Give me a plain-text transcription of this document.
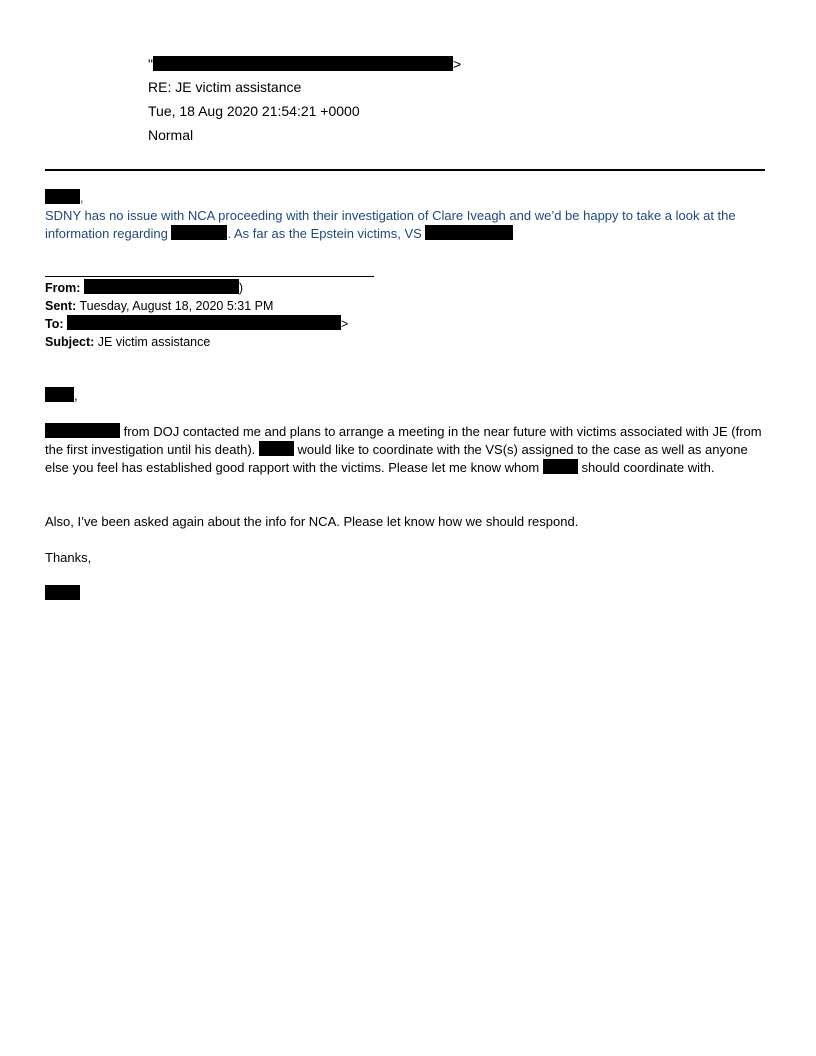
"	>
RE: JE victim assistance
Tue, 18 Aug 2020 21:54:21 +0000
Normal
,
SDNY has no issue with NCA proceeding with their investigation of Clare Iveagh and we’d be happy to take a look at the information regarding	. As far as the Epstein victims, VS
From:	)
Sent: Tuesday, August 18, 2020 5:31 PM
To:	>
Subject: JE victim assistance
,
from DOJ contacted me and plans to arrange a meeting in the near future with victims associated with JE (from the first investigation until his death).	would like to coordinate with the VS(s) assigned to the case as well as anyone else you feel has established good rapport with the victims. Please let me know whom	should coordinate with.
Also, I’ve been asked again about the info for NCA. Please let know how we should respond.
Thanks,
